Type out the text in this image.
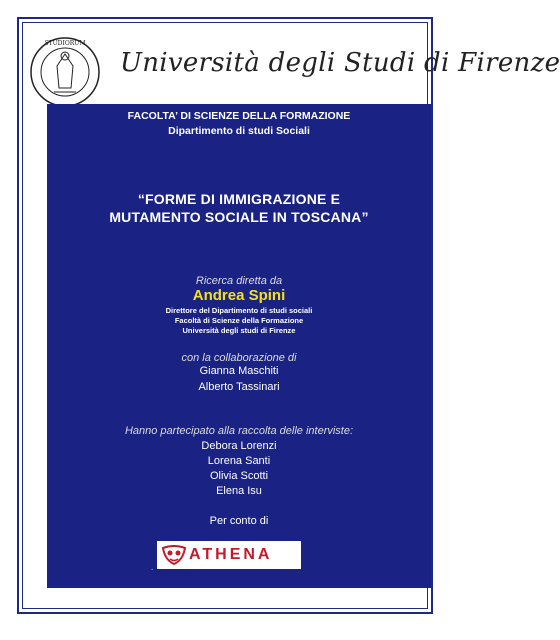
STUDIORUM
Università degli Studi di Firenze
FACOLTA’ DI SCIENZE DELLA FORMAZIONE
Dipartimento di studi Sociali
“FORME DI IMMIGRAZIONE E
MUTAMENTO SOCIALE IN TOSCANA”
Ricerca diretta da
Andrea Spini
Direttore del Dipartimento di studi sociali
Facoltà di Scienze della Formazione
Università degli studi di Firenze
con la collaborazione di
Gianna Maschiti
Alberto Tassinari
Hanno partecipato alla raccolta delle interviste:
Debora Lorenzi
Lorena Santi
Olivia Scotti
Elena Isu
Per conto di
ATHENA
.
